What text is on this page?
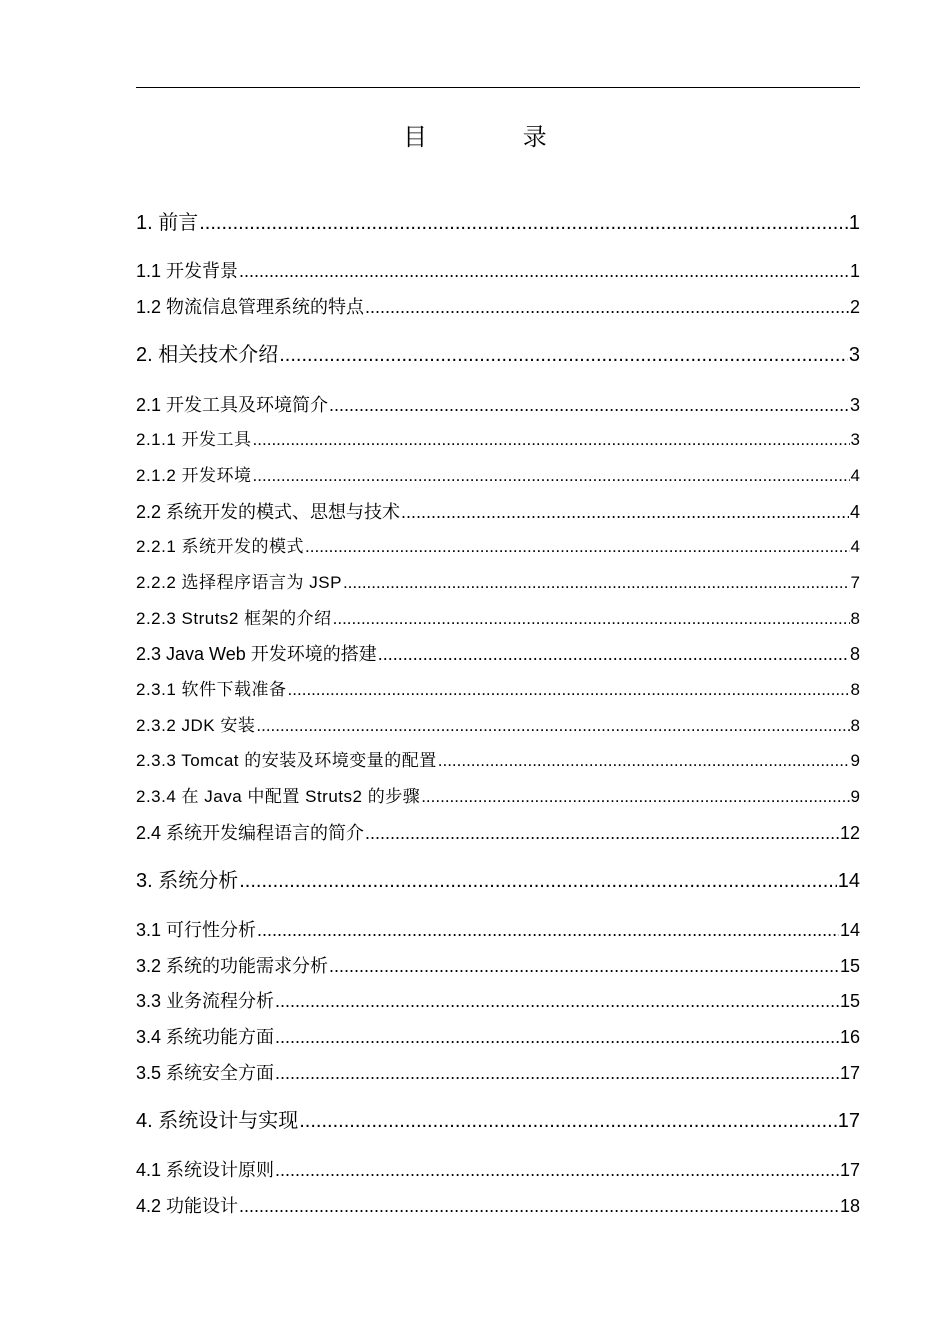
目 录
1. 前言 .....	1
1.1 开发背景 .....	1
1.2 物流信息管理系统的特点 .....	2
2. 相关技术介绍 .....	3
2.1 开发工具及环境简介 .....	3
2.1.1 开发工具 .....	3
2.1.2 开发环境 .....	4
2.2 系统开发的模式、思想与技术 .....	4
2.2.1 系统开发的模式 .....	4
2.2.2 选择程序语言为 JSP .....	7
2.2.3 Struts2 框架的介绍 .....	8
2.3 Java Web 开发环境的搭建 .....	8
2.3.1 软件下载准备 .....	8
2.3.2 JDK 安装 .....	8
2.3.3 Tomcat 的安装及环境变量的配置 .....	9
2.3.4 在 Java 中配置 Struts2 的步骤 .....	9
2.4 系统开发编程语言的简介 .....	12
3. 系统分析 .....	14
3.1 可行性分析 .....	14
3.2 系统的功能需求分析 .....	15
3.3 业务流程分析 .....	15
3.4 系统功能方面 .....	16
3.5 系统安全方面 .....	17
4. 系统设计与实现 .....	17
4.1 系统设计原则 .....	17
4.2 功能设计 .....	18
